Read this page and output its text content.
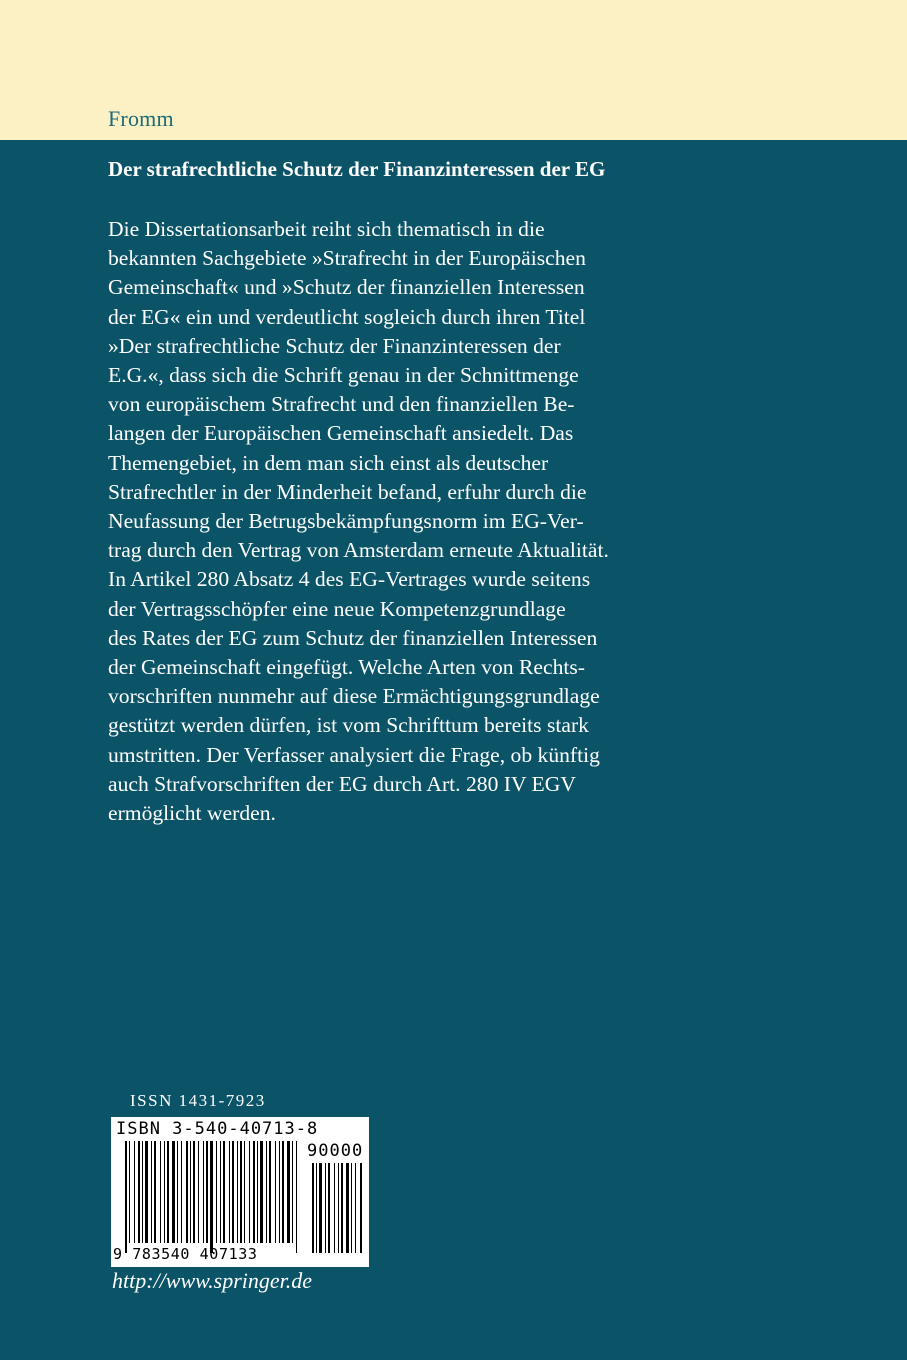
Fromm
Der strafrechtliche Schutz der Finanzinteressen der EG
Die Dissertationsarbeit reiht sich thematisch in die
bekannten Sachgebiete »Strafrecht in der Europäischen
Gemeinschaft« und »Schutz der finanziellen Interessen
der EG« ein und verdeutlicht sogleich durch ihren Titel
»Der strafrechtliche Schutz der Finanzinteressen der
E.G.«, dass sich die Schrift genau in der Schnittmenge
von europäischem Strafrecht und den finanziellen Be-
langen der Europäischen Gemeinschaft ansiedelt. Das
Themengebiet, in dem man sich einst als deutscher
Strafrechtler in der Minderheit befand, erfuhr durch die
Neufassung der Betrugsbekämpfungsnorm im EG-Ver-
trag durch den Vertrag von Amsterdam erneute Aktualität.
In Artikel 280 Absatz 4 des EG-Vertrages wurde seitens
der Vertragsschöpfer eine neue Kompetenzgrundlage
des Rates der EG zum Schutz der finanziellen Interessen
der Gemeinschaft eingefügt. Welche Arten von Rechts-
vorschriften nunmehr auf diese Ermächtigungsgrundlage
gestützt werden dürfen, ist vom Schrifttum bereits stark
umstritten. Der Verfasser analysiert die Frage, ob künftig
auch Strafvorschriften der EG durch Art. 280 IV EGV
ermöglicht werden.
ISSN 1431-7923
ISBN 3-540-40713-8
90000
9 783540 407133
http://www.springer.de
